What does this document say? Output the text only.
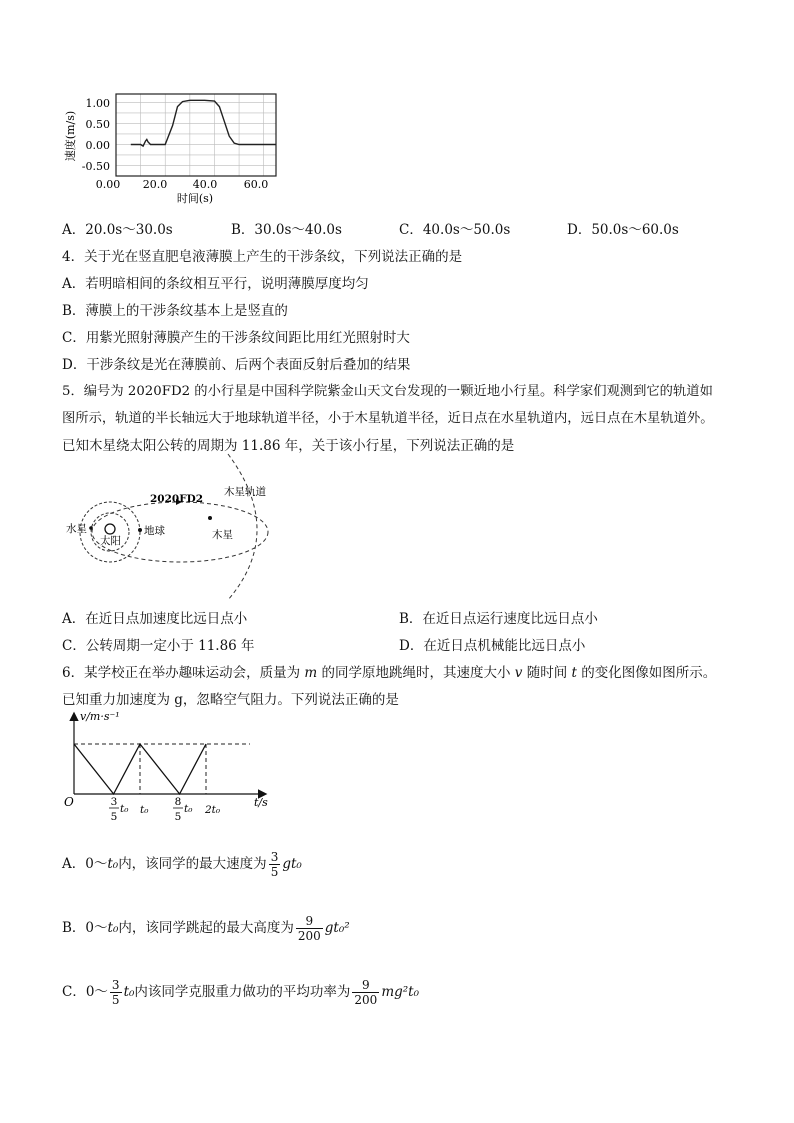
1.00
0.50
0.00
-0.50
0.00 20.0 40.0 60.0
时间(s)
速度(m/s)
A．20.0s～30.0s	B．30.0s～40.0s	C．40.0s～50.0s	D．50.0s～60.0s
4．关于光在竖直肥皂液薄膜上产生的干涉条纹，下列说法正确的是
A．若明暗相间的条纹相互平行，说明薄膜厚度均匀
B．薄膜上的干涉条纹基本上是竖直的
C．用紫光照射薄膜产生的干涉条纹间距比用红光照射时大
D．干涉条纹是光在薄膜前、后两个表面反射后叠加的结果
5．编号为 2020FD2 的小行星是中国科学院紫金山天文台发现的一颗近地小行星。科学家们观测到它的轨道如
图所示，轨道的半长轴远大于地球轨道半径，小于木星轨道半径，近日点在水星轨道内，远日点在木星轨道外。
已知木星绕太阳公转的周期为 11.86 年，关于该小行星，下列说法正确的是
2020FD2
木星轨道
水星
太阳
地球	木星
A．在近日点加速度比远日点小	B．在近日点运行速度比远日点小
C．公转周期一定小于 11.86 年	D．在近日点机械能比远日点小
6．某学校正在举办趣味运动会，质量为 m 的同学原地跳绳时，其速度大小 v 随时间 t 的变化图像如图所示。
已知重力加速度为 g，忽略空气阻力。下列说法正确的是
v/m·s⁻¹
t/s
O	3
5
t₀ t₀
8
5
t₀ 2t₀
A．0～t₀内，该同学的最大速度为 $\frac{3}{5} gt_0$
B．0～t₀内，该同学跳起的最大高度为 $\frac{9}{200} gt_0^2$
C．0～ $\frac{3}{5} t_0$内该同学克服重力做功的平均功率为 $\frac{9}{200} mg^2t_0$
